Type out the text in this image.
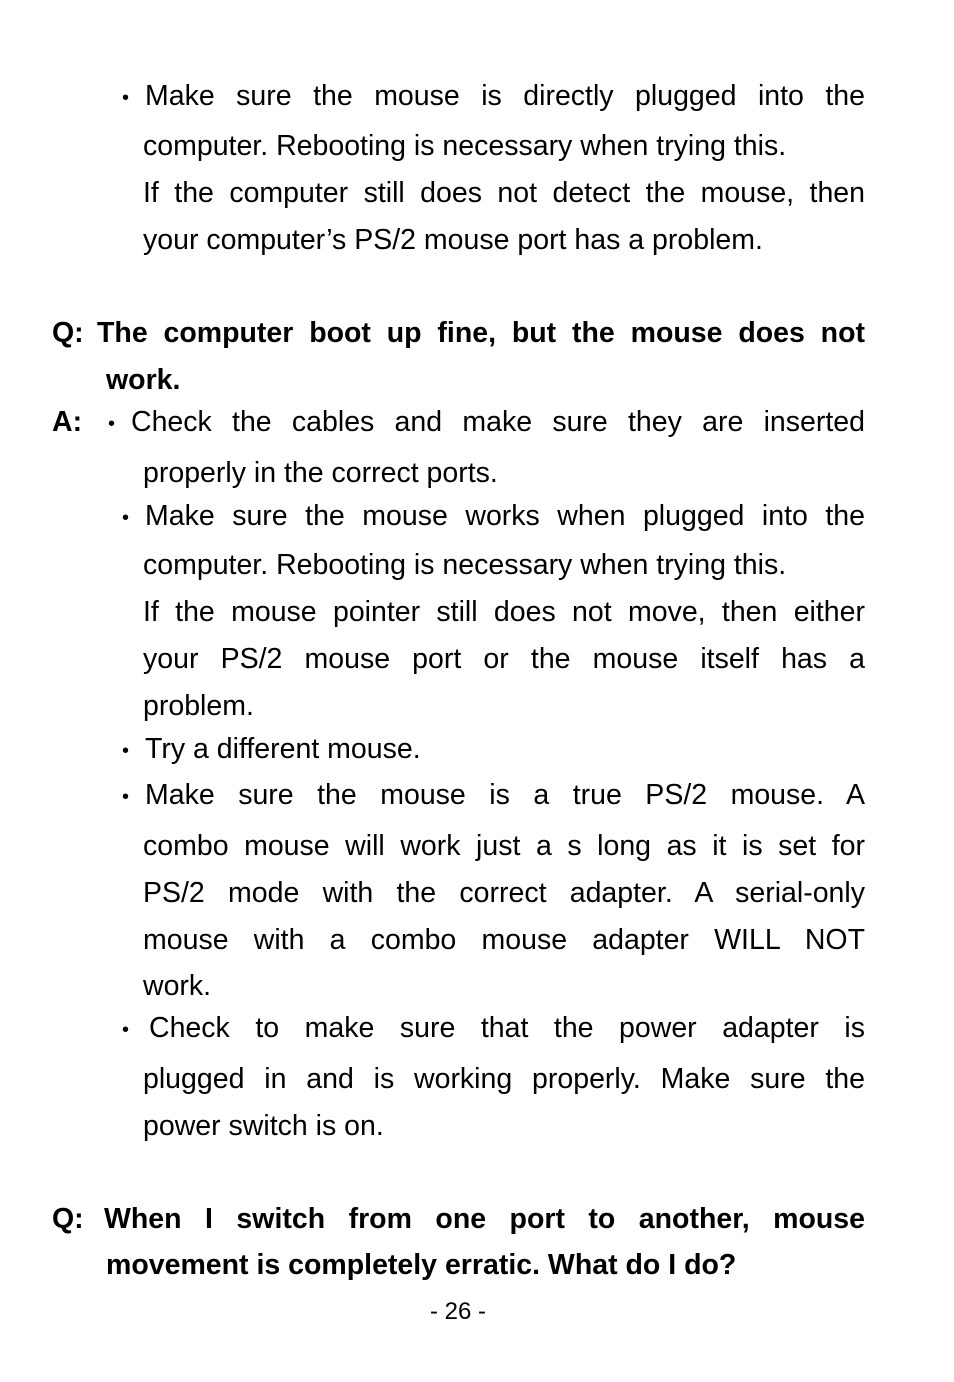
• Make sure the mouse is directly plugged into the
computer. Rebooting is necessary when trying this.
If the computer still does not detect the mouse, then
your computer’s PS/2 mouse port has a problem.
Q: The computer boot up fine, but the mouse does not
work.
A: • Check the cables and make sure they are inserted
properly in the correct ports.
• Make sure the mouse works when plugged into the
computer. Rebooting is necessary when trying this.
If the mouse pointer still does not move, then either
your PS/2 mouse port or the mouse itself has a
problem.
• Try a different mouse.
• Make sure the mouse is a true PS/2 mouse. A
combo mouse will work just a s long as it is set for
PS/2 mode with the correct adapter. A serial-only
mouse with a combo mouse adapter WILL NOT
work.
• Check to make sure that the power adapter is
plugged in and is working properly. Make sure the
power switch is on.
Q: When I switch from one port to another, mouse
movement is completely erratic. What do I do?
- 26 -
